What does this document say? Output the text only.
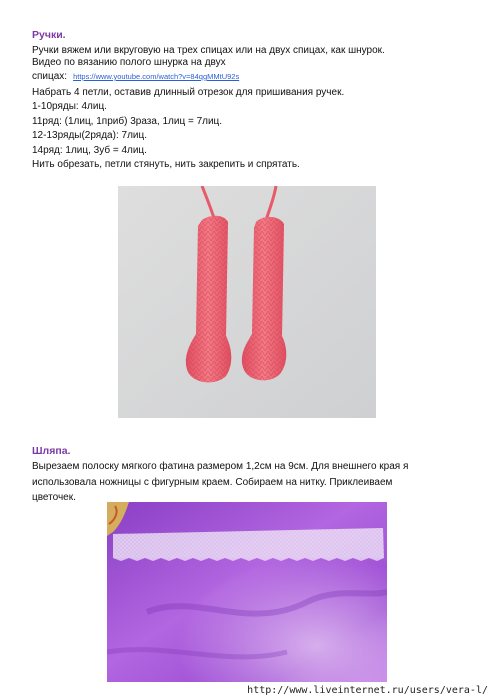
Ручки.
Ручки вяжем или вкруговую на трех спицах или на двух спицах, как шнурок.
Видео по вязанию полого шнурка на двух
спицах: https://www.youtube.com/watch?v=84qgMMtU92s
Набрать 4 петли, оставив длинный отрезок для пришивания ручек.
1-10ряды: 4лиц.
11ряд: (1лиц, 1приб) 3раза, 1лиц = 7лиц.
12-13ряды(2ряда): 7лиц.
14ряд: 1лиц, 3уб = 4лиц.
Нить обрезать, петли стянуть, нить закрепить и спрятать.
Шляпа.
Вырезаем полоску мягкого фатина размером 1,2см на 9см. Для внешнего края я
использовала ножницы с фигурным краем. Собираем на нитку. Приклеиваем
цветочек.
http://www.liveinternet.ru/users/vera-l/
